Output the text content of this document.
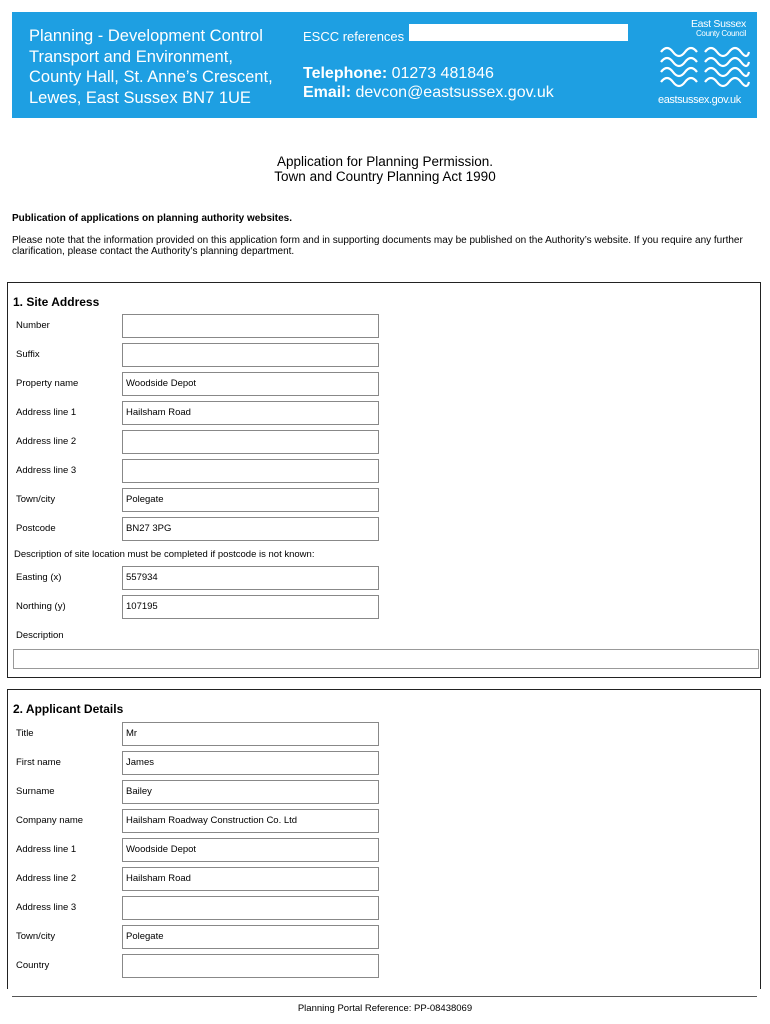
Planning - Development Control
Transport and Environment,
County Hall, St. Anne’s Crescent,
Lewes, East Sussex BN7 1UE
ESCC references
Telephone: 01273 481846
Email: devcon@eastsussex.gov.uk
East Sussex
County Council
eastsussex.gov.uk
Application for Planning Permission.
Town and Country Planning Act 1990
Publication of applications on planning authority websites.
Please note that the information provided on this application form and in supporting documents may be published on the Authority’s website. If you require any further clarification, please contact the Authority’s planning department.
1. Site Address
Number
Suffix
Property name	Woodside Depot
Address line 1	Hailsham Road
Address line 2
Address line 3
Town/city	Polegate
Postcode	BN27 3PG
Description of site location must be completed if postcode is not known:
Easting (x)	557934
Northing (y)	107195
Description
2. Applicant Details
Title	Mr
First name	James
Surname	Bailey
Company name	Hailsham Roadway Construction Co. Ltd
Address line 1	Woodside Depot
Address line 2	Hailsham Road
Address line 3
Town/city	Polegate
Country
Planning Portal Reference: PP-08438069
